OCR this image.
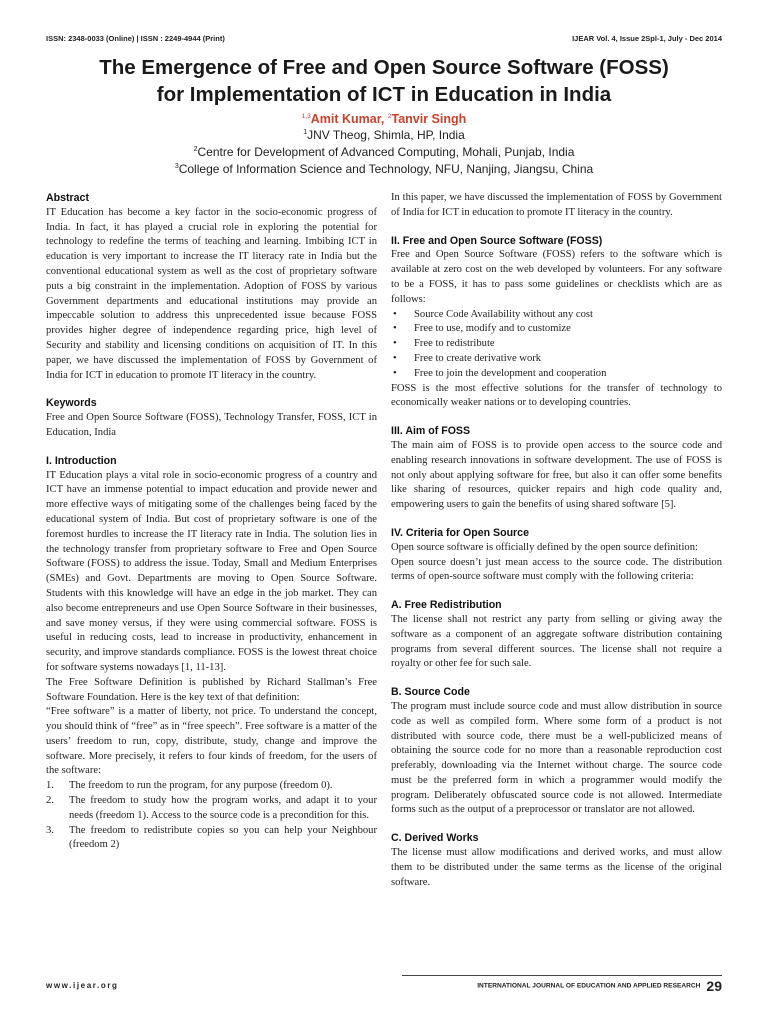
ISSN: 2348-0033 (Online) | ISSN : 2249-4944 (Print)	IJEAR Vol. 4, Issue 2Spl-1, July - Dec 2014
The Emergence of Free and Open Source Software (FOSS)
for Implementation of ICT in Education in India
$^{1,3}$Amit Kumar, $^2$Tanvir Singh
$^1$JNV Theog, Shimla, HP, India
$^2$Centre for Development of Advanced Computing, Mohali, Punjab, India
$^3$College of Information Science and Technology, NFU, Nanjing, Jiangsu, China
Abstract

IT Education has become a key factor in the socio-economic progress of India. In fact, it has played a crucial role in exploring the potential for technology to redefine the terms of teaching and learning. Imbibing ICT in education is very important to increase the IT literacy rate in India but the conventional educational system as well as the cost of proprietary software puts a big constraint in the implementation. Adoption of FOSS by various Government departments and educational institutions may provide an impeccable solution to address this unprecedented issue because FOSS provides higher degree of independence regarding price, high level of Security and stability and licensing conditions on acquisition of IT. In this paper, we have discussed the implementation of FOSS by Government of India for ICT in education to promote IT literacy in the country.

Keywords

Free and Open Source Software (FOSS), Technology Transfer, FOSS, ICT in Education, India

I. Introduction

IT Education plays a vital role in socio-economic progress of a country and ICT have an immense potential to impact education and provide newer and more effective ways of mitigating some of the challenges being faced by the educational system of India. But cost of proprietary software is one of the foremost hurdles to increase the IT literacy rate in India. The solution lies in the technology transfer from proprietary software to Free and Open Source Software (FOSS) to address the issue. Today, Small and Medium Enterprises (SMEs) and Govt. Departments are moving to Open Source Software. Students with this knowledge will have an edge in the job market. They can also become entrepreneurs and use Open Source Software in their businesses, and save money versus, if they were using commercial software. FOSS is useful in reducing costs, lead to increase in productivity, enhancement in security, and improve standards compliance. FOSS is the lowest threat choice for software systems nowadays [1, 11-13].

The Free Software Definition is published by Richard Stallman’s Free Software Foundation. Here is the key text of that definition:

“Free software” is a matter of liberty, not price. To understand the concept, you should think of “free” as in “free speech”. Free software is a matter of the users’ freedom to run, copy, distribute, study, change and improve the software. More precisely, it refers to four kinds of freedom, for the users of the software:

1. The freedom to run the program, for any purpose (freedom 0).
2. The freedom to study how the program works, and adapt it to your needs (freedom 1). Access to the source code is a precondition for this.
3. The freedom to redistribute copies so you can help your Neighbour (freedom 2)

In this paper, we have discussed the implementation of FOSS by Government of India for ICT in education to promote IT literacy in the country.

II. Free and Open Source Software (FOSS)

Free and Open Source Software (FOSS) refers to the software which is available at zero cost on the web developed by volunteers. For any software to be a FOSS, it has to pass some guidelines or checklists which are as follows:

• Source Code Availability without any cost
• Free to use, modify and to customize
• Free to redistribute
• Free to create derivative work
• Free to join the development and cooperation

FOSS is the most effective solutions for the transfer of technology to economically weaker nations or to developing countries.

III. Aim of FOSS

The main aim of FOSS is to provide open access to the source code and enabling research innovations in software development. The use of FOSS is not only about applying software for free, but also it can offer some benefits like sharing of resources, quicker repairs and high code quality and, empowering users to gain the benefits of using shared software [5].

IV. Criteria for Open Source

Open source software is officially defined by the open source definition:

Open source doesn’t just mean access to the source code. The distribution terms of open-source software must comply with the following criteria:

A. Free Redistribution

The license shall not restrict any party from selling or giving away the software as a component of an aggregate software distribution containing programs from several different sources. The license shall not require a royalty or other fee for such sale.

B. Source Code

The program must include source code and must allow distribution in source code as well as compiled form. Where some form of a product is not distributed with source code, there must be a well-publicized means of obtaining the source code for no more than a reasonable reproduction cost preferably, downloading via the Internet without charge. The source code must be the preferred form in which a programmer would modify the program. Deliberately obfuscated source code is not allowed. Intermediate forms such as the output of a preprocessor or translator are not allowed.

C. Derived Works

The license must allow modifications and derived works, and must allow them to be distributed under the same terms as the license of the original software.

www.ijear.org	INTERNATIONAL JOURNAL OF EDUCATION AND APPLIED RESEARCH 29
